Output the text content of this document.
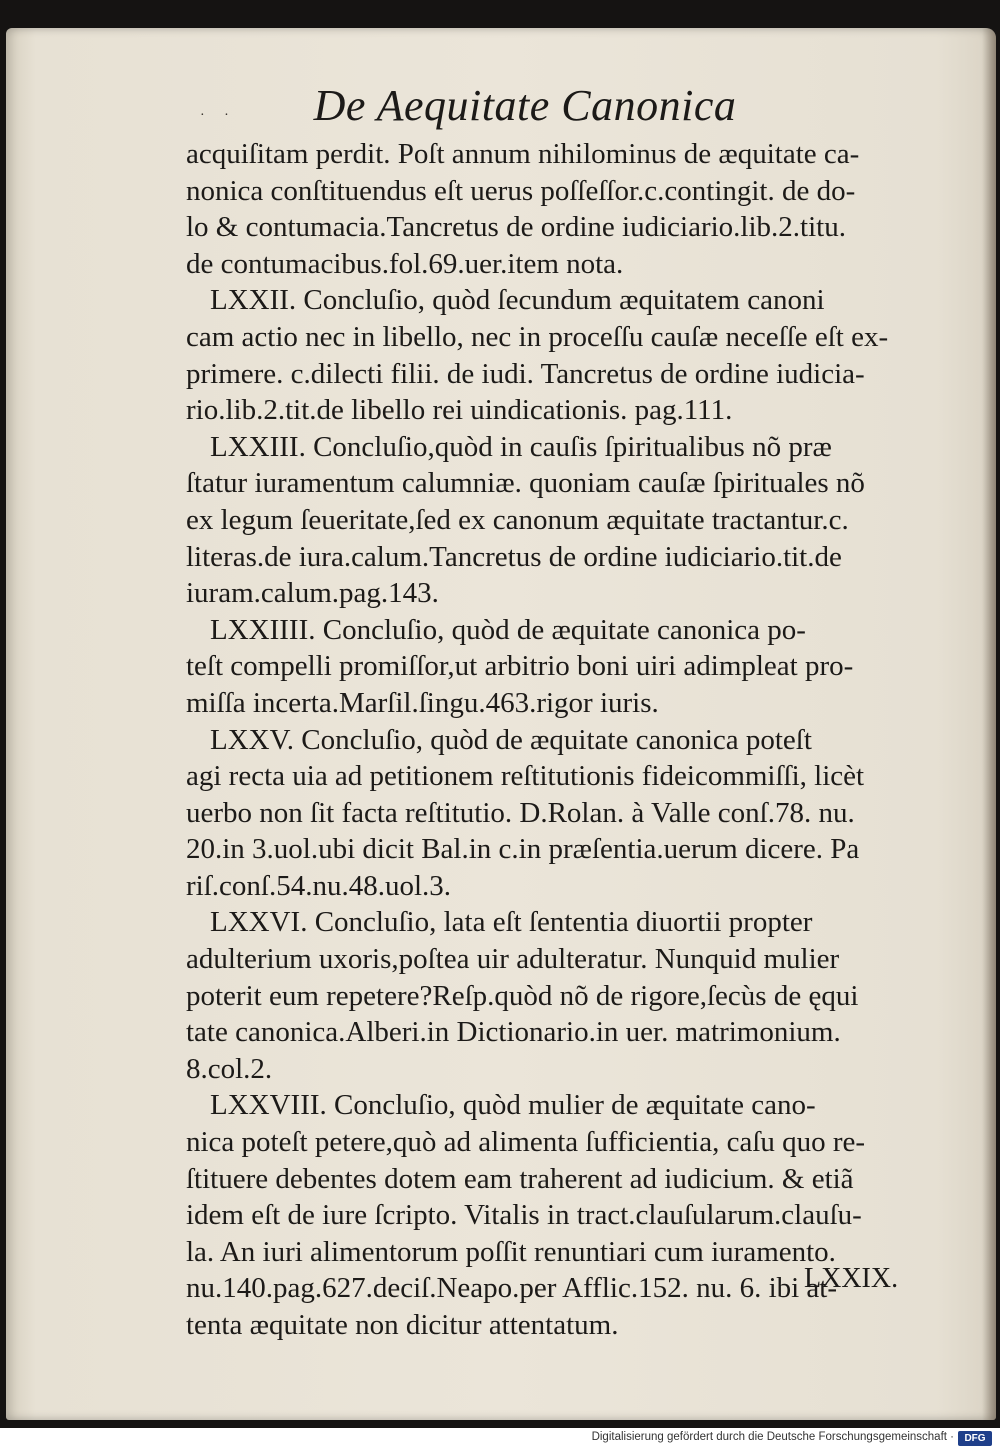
· ·	De Aequitate Canonica
acquiſitam perdit. Poſt annum nihilominus de æquitate ca-
nonica conſtituendus eſt uerus poſſeſſor.c.contingit. de do-
lo & contumacia.Tancretus de ordine iudiciario.lib.2.titu.
de contumacibus.fol.69.uer.item nota.
LXXII. Concluſio, quòd ſecundum æquitatem canoni
cam actio nec in libello, nec in proceſſu cauſæ neceſſe eſt ex-
primere. c.dilecti filii. de iudi. Tancretus de ordine iudicia-
rio.lib.2.tit.de libello rei uindicationis. pag.111.
LXXIII. Concluſio,quòd in cauſis ſpiritualibus nõ præ
ſtatur iuramentum calumniæ. quoniam cauſæ ſpirituales nõ
ex legum ſeueritate,ſed ex canonum æquitate tractantur.c.
literas.de iura.calum.Tancretus de ordine iudiciario.tit.de
iuram.calum.pag.143.
LXXIIII. Concluſio, quòd de æquitate canonica po-
teſt compelli promiſſor,ut arbitrio boni uiri adimpleat pro-
miſſa incerta.Marſil.ſingu.463.rigor iuris.
LXXV. Concluſio, quòd de æquitate canonica poteſt
agi recta uia ad petitionem reſtitutionis fideicommiſſi, licèt
uerbo non ſit facta reſtitutio. D.Rolan. à Valle conſ.78. nu.
20.in 3.uol.ubi dicit Bal.in c.in præſentia.uerum dicere. Pa
riſ.conſ.54.nu.48.uol.3.
LXXVI. Concluſio, lata eſt ſententia diuortii propter
adulterium uxoris,poſtea uir adulteratur. Nunquid mulier
poterit eum repetere?Reſp.quòd nõ de rigore,ſecùs de ęqui
tate canonica.Alberi.in Dictionario.in uer. matrimonium.
8.col.2.
LXXVIII. Concluſio, quòd mulier de æquitate cano-
nica poteſt petere,quò ad alimenta ſufficientia, caſu quo re-
ſtituere debentes dotem eam traherent ad iudicium. & etiã
idem eſt de iure ſcripto. Vitalis in tract.clauſularum.clauſu-
la. An iuri alimentorum poſſit renuntiari cum iuramento.
nu.140.pag.627.deciſ.Neapo.per Afflic.152. nu. 6. ibi at-
tenta æquitate non dicitur attentatum.
LXXIX.
Digitalisierung gefördert durch die Deutsche Forschungsgemeinschaft ·	DFG
